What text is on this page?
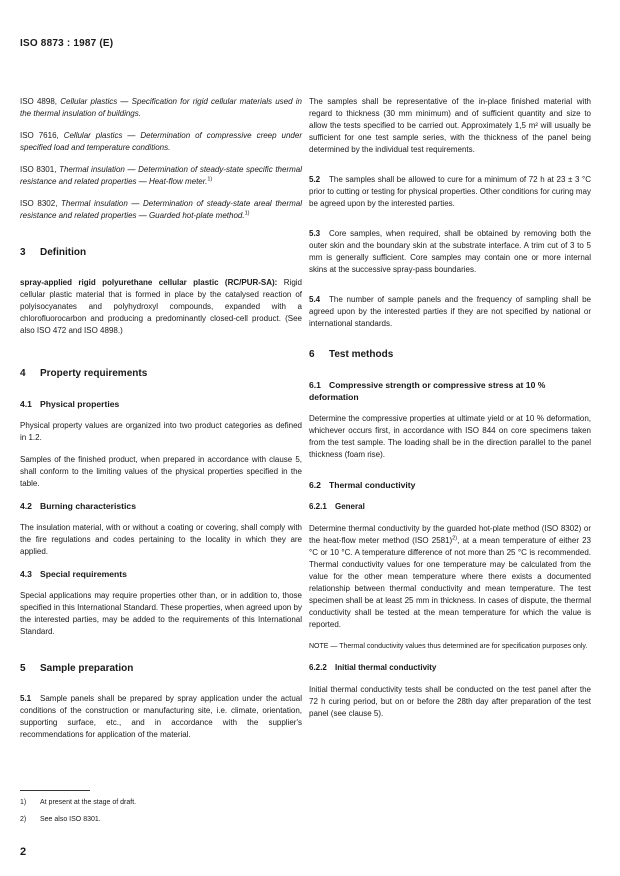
ISO 8873 : 1987 (E)

ISO 4898, Cellular plastics — Specification for rigid cellular materials used in the thermal insulation of buildings.

ISO 7616, Cellular plastics — Determination of compressive creep under specified load and temperature conditions.

ISO 8301, Thermal insulation — Determination of steady-state specific thermal resistance and related properties — Heat-flow meter.$^{1)}$

ISO 8302, Thermal insulation — Determination of steady-state areal thermal resistance and related properties — Guarded hot-plate method.$^{1)}$

3 Definition

spray-applied rigid polyurethane cellular plastic (RC/PUR-SA): Rigid cellular plastic material that is formed in place by the catalysed reaction of polyisocyanates and polyhydroxyl compounds, expanded with a chlorofluorocarbon and producing a predominantly closed-cell product. (See also ISO 472 and ISO 4898.)

4 Property requirements
4.1 Physical properties

Physical property values are organized into two product categories as defined in 1.2.

Samples of the finished product, when prepared in accordance with clause 5, shall conform to the limiting values of the physical properties specified in the table.

4.2 Burning characteristics

The insulation material, with or without a coating or covering, shall comply with the fire regulations and codes pertaining to the locality in which they are applied.

4.3 Special requirements

Special applications may require properties other than, or in addition to, those specified in this International Standard. These properties, when agreed upon by the interested parties, may be added to the requirements of this International Standard.

5 Sample preparation

5.1 Sample panels shall be prepared by spray application under the actual conditions of the construction or manufacturing site, i.e. climate, orientation, supporting surface, etc., and in accordance with the supplier's recommendations for application of the material.

The samples shall be representative of the in-place finished material with regard to thickness (30 mm minimum) and of sufficient quantity and size to allow the tests specified to be carried out. Approximately 1,5 m² will usually be sufficient for one test sample series, with the thickness of the panel being determined by the individual test requirements.

5.2 The samples shall be allowed to cure for a minimum of 72 h at 23 ± 3 °C prior to cutting or testing for physical properties. Other conditions for curing may be agreed upon by the interested parties.

5.3 Core samples, when required, shall be obtained by removing both the outer skin and the boundary skin at the substrate interface. A trim cut of 3 to 5 mm is generally sufficient. Core samples may contain one or more internal skins at the successive spray-pass boundaries.

5.4 The number of sample panels and the frequency of sampling shall be agreed upon by the interested parties if they are not specified by national or international standards.

6 Test methods
6.1 Compressive strength or compressive stress at 10 % deformation

Determine the compressive properties at ultimate yield or at 10 % deformation, whichever occurs first, in accordance with ISO 844 on core specimens taken from the test sample. The loading shall be in the direction parallel to the panel thickness (foam rise).

6.2 Thermal conductivity
6.2.1 General

Determine thermal conductivity by the guarded hot-plate method (ISO 8302) or the heat-flow meter method (ISO 2581)$^{2)}$, at a mean temperature of either 23 °C or 10 °C. A temperature difference of not more than 25 °C is recommended. Thermal conductivity values for one temperature may be calculated from the value for the other mean temperature where there exists a documented relationship between thermal conductivity and mean temperature. The test specimen shall be at least 25 mm in thickness. In cases of dispute, the thermal conductivity shall be tested at the mean temperature for which the value is reported.

NOTE — Thermal conductivity values thus determined are for specification purposes only.

6.2.2 Initial thermal conductivity

Initial thermal conductivity tests shall be conducted on the test panel after the 72 h curing period, but on or before the 28th day after preparation of the test panel (see clause 5).

1) At present at the stage of draft.
2) See also ISO 8301.
2
